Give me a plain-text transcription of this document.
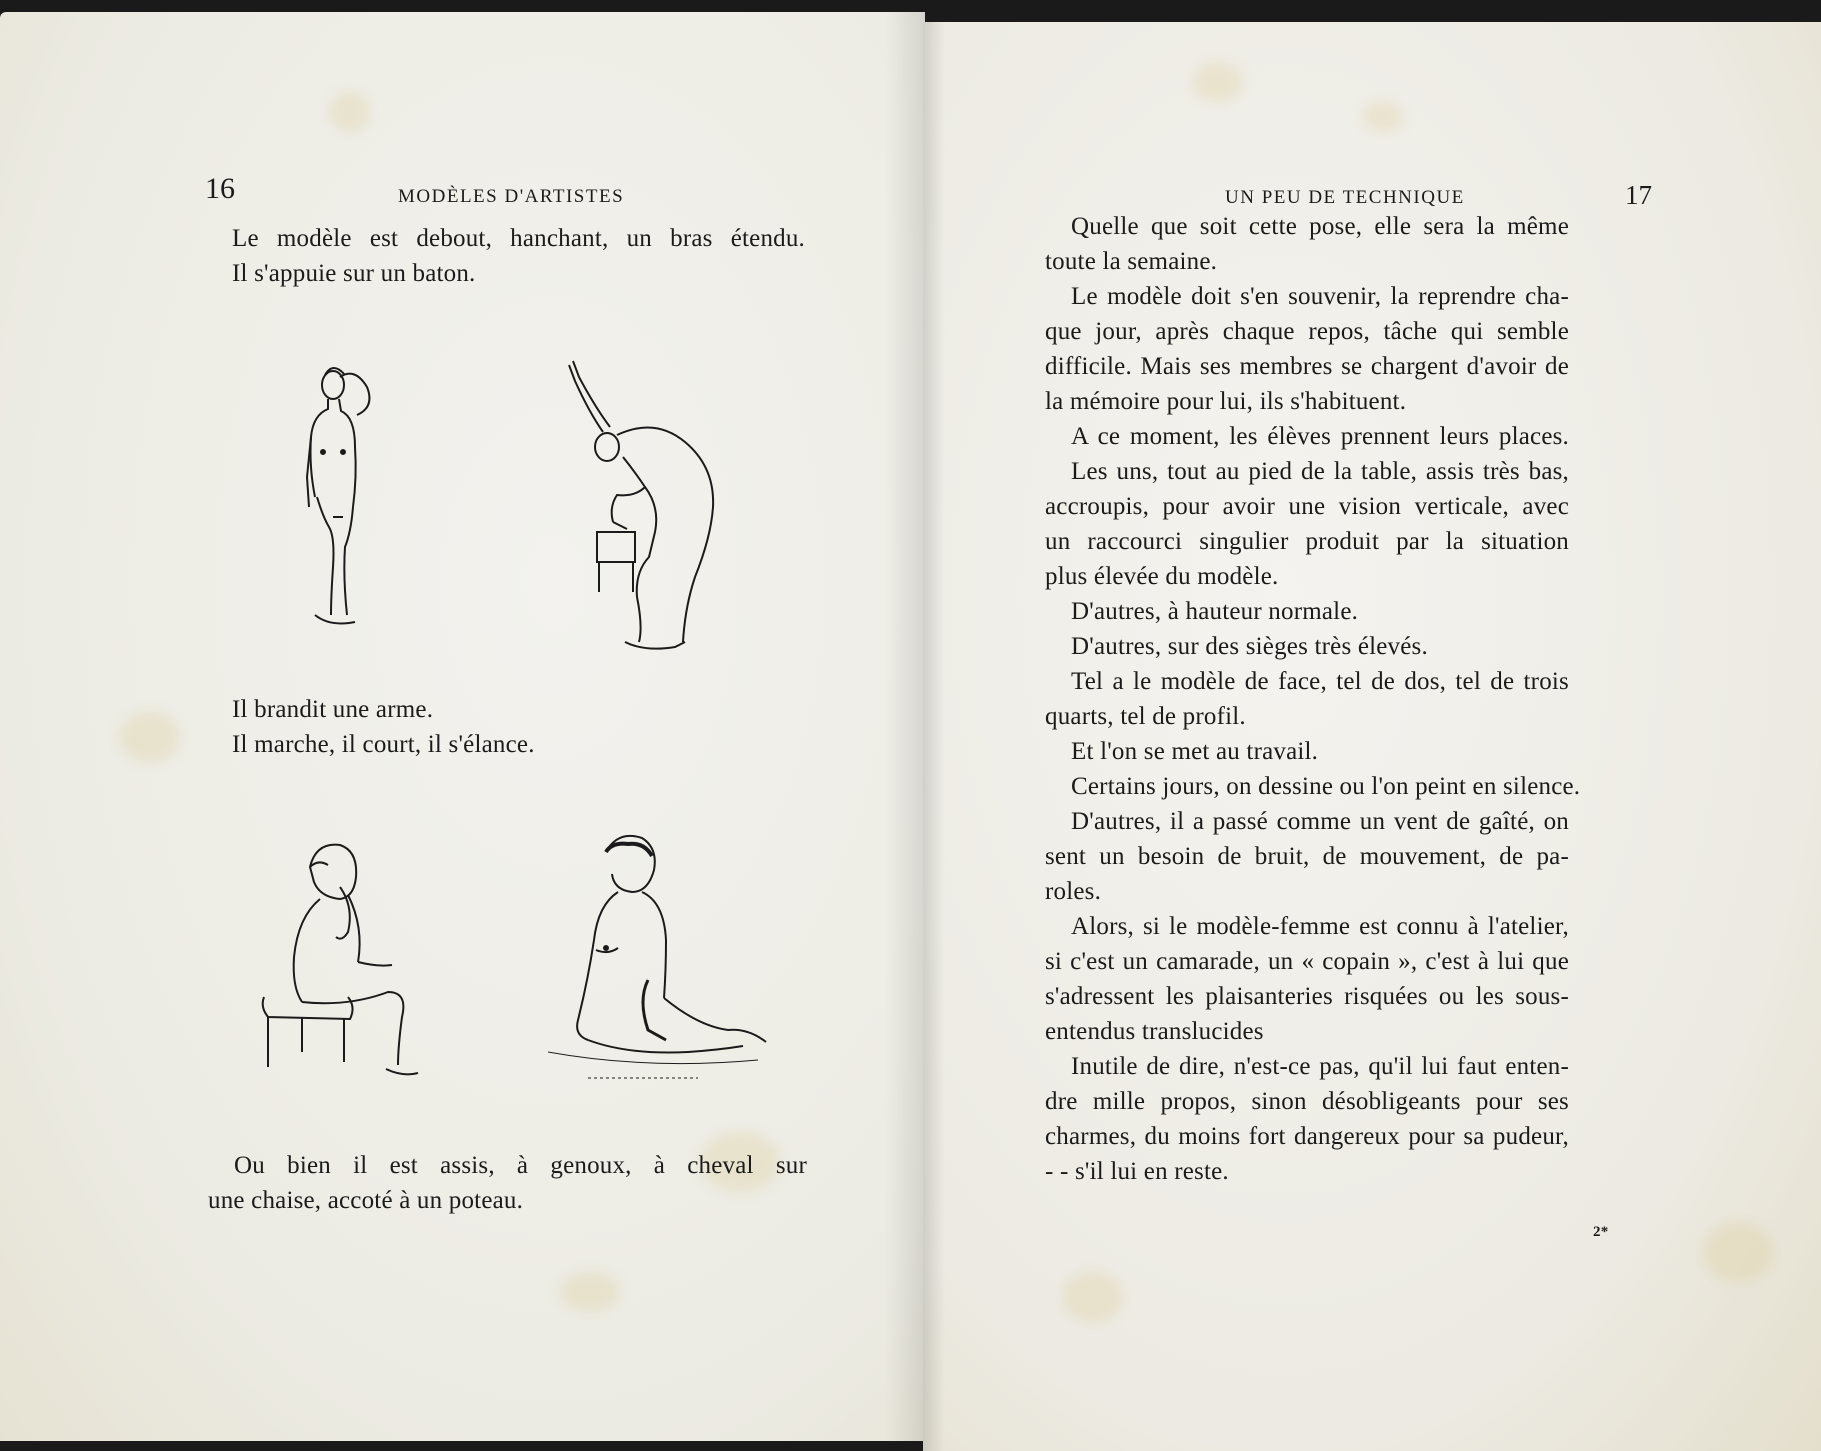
16	MODÈLES D'ARTISTES
Le modèle est debout, hanchant, un bras étendu.
Il s'appuie sur un baton.
Il brandit une arme.
Il marche, il court, il s'élance.
Ou bien il est assis, à genoux, à cheval sur
une chaise, accoté à un poteau.
UN PEU DE TECHNIQUE	17
Quelle que soit cette pose, elle sera la même
toute la semaine.
Le modèle doit s'en souvenir, la reprendre cha-
que jour, après chaque repos, tâche qui semble
difficile. Mais ses membres se chargent d'avoir de
la mémoire pour lui, ils s'habituent.
A ce moment, les élèves prennent leurs places.
Les uns, tout au pied de la table, assis très bas,
accroupis, pour avoir une vision verticale, avec
un raccourci singulier produit par la situation
plus élevée du modèle.
D'autres, à hauteur normale.
D'autres, sur des sièges très élevés.
Tel a le modèle de face, tel de dos, tel de trois
quarts, tel de profil.
Et l'on se met au travail.
Certains jours, on dessine ou l'on peint en silence.
D'autres, il a passé comme un vent de gaîté, on
sent un besoin de bruit, de mouvement, de pa-
roles.
Alors, si le modèle-femme est connu à l'atelier,
si c'est un camarade, un « copain », c'est à lui que
s'adressent les plaisanteries risquées ou les sous-
entendus translucides
Inutile de dire, n'est-ce pas, qu'il lui faut enten-
dre mille propos, sinon désobligeants pour ses
charmes, du moins fort dangereux pour sa pudeur,
- - s'il lui en reste.
2*
